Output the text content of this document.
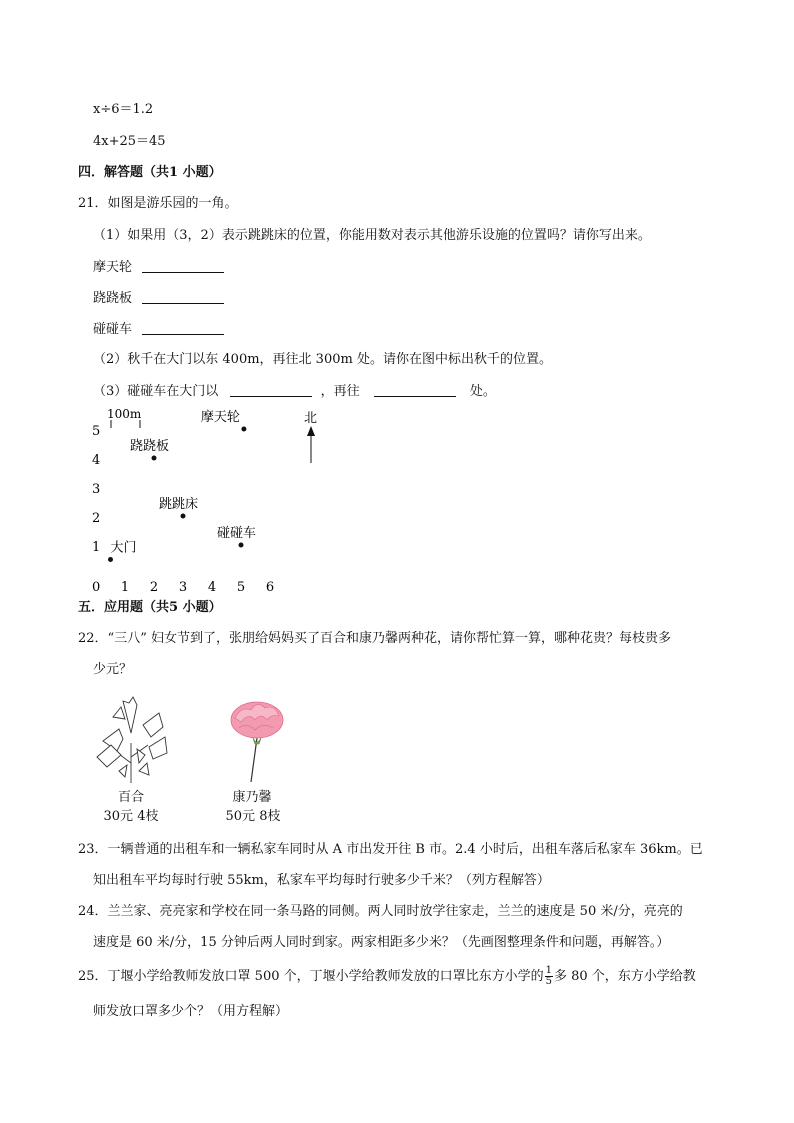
x÷6＝1.2
4x+25＝45
四．解答题（共1 小题）
21．如图是游乐园的一角。
（1）如果用（3，2）表示跳跳床的位置，你能用数对表示其他游乐设施的位置吗？请你写出来。
摩天轮
跷跷板
碰碰车
（2）秋千在大门以东 400m，再往北 300m 处。请你在图中标出秋千的位置。
（3）碰碰车在大门以	，再往	处。
0 1 2 3 4 5 6
1
2
3
4
5
大门
跳跳床
碰碰车
跷跷板
摩天轮
100m	北
五．应用题（共5 小题）
22．“三八” 妇女节到了，张朋给妈妈买了百合和康乃馨两种花，请你帮忙算一算，哪种花贵？每枝贵多
少元？
百合
30元 4枝
康乃馨
50元 8枝
23．一辆普通的出租车和一辆私家车同时从 A 市出发开往 B 市。2.4 小时后，出租车落后私家车 36km。已
知出租车平均每时行驶 55km，私家车平均每时行驶多少千米？（列方程解答）
24．兰兰家、亮亮家和学校在同一条马路的同侧。两人同时放学往家走，兰兰的速度是 50 米/分，亮亮的
速度是 60 米/分，15 分钟后两人同时到家。两家相距多少米？（先画图整理条件和问题，再解答。）
25．丁堰小学给教师发放口罩 500 个，丁堰小学给教师发放的口罩比东方小学的 $\frac{1}{5}$ 多 80 个，东方小学给教
师发放口罩多少个？（用方程解）
